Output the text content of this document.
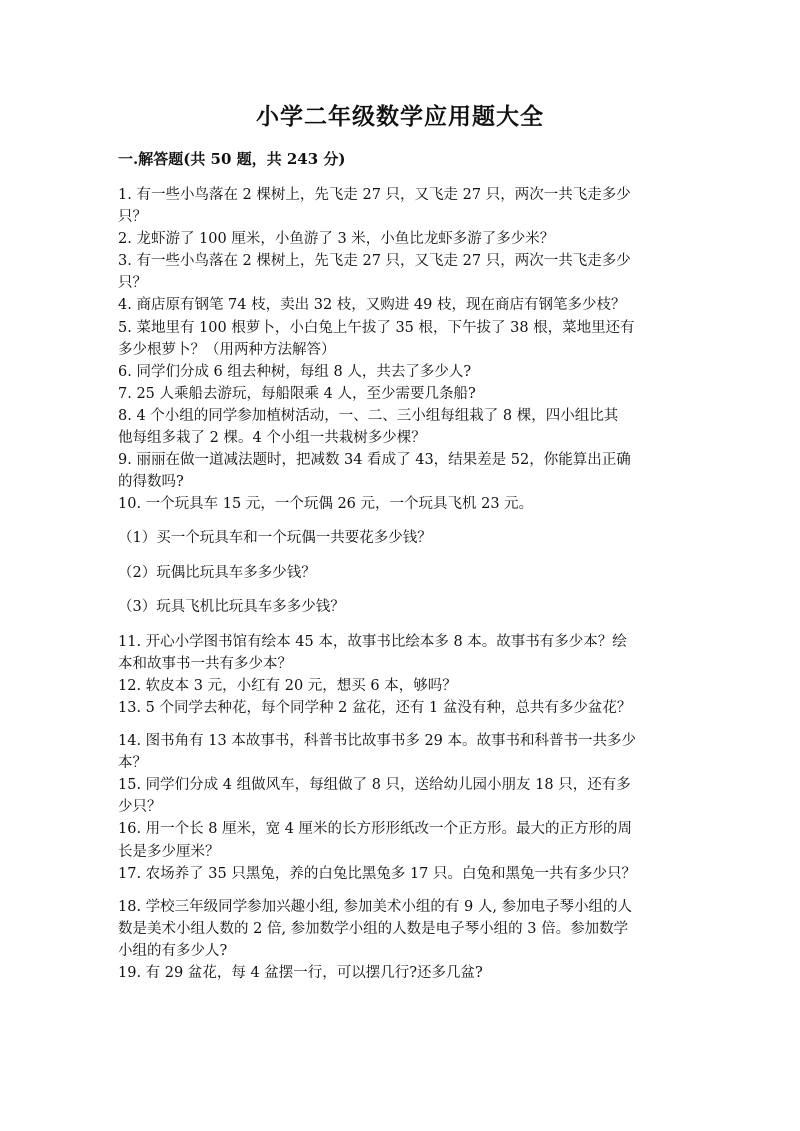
小学二年级数学应用题大全
一.解答题(共 50 题，共 243 分)
1. 有一些小鸟落在 2 棵树上，先飞走 27 只，又飞走 27 只，两次一共飞走多少
只？
2. 龙虾游了 100 厘米，小鱼游了 3 米，小鱼比龙虾多游了多少米？
3. 有一些小鸟落在 2 棵树上，先飞走 27 只，又飞走 27 只，两次一共飞走多少
只？
4. 商店原有钢笔 74 枝，卖出 32 枝，又购进 49 枝，现在商店有钢笔多少枝？
5. 菜地里有 100 根萝卜，小白兔上午拔了 35 根，下午拔了 38 根，菜地里还有
多少根萝卜？（用两种方法解答）
6. 同学们分成 6 组去种树，每组 8 人，共去了多少人?
7. 25 人乘船去游玩，每船限乘 4 人，至少需要几条船?
8. 4 个小组的同学参加植树活动，一、二、三小组每组栽了 8 棵，四小组比其
他每组多栽了 2 棵。4 个小组一共栽树多少棵？
9. 丽丽在做一道减法题时，把减数 34 看成了 43，结果差是 52，你能算出正确
的得数吗?
10. 一个玩具车 15 元，一个玩偶 26 元，一个玩具飞机 23 元。
（1）买一个玩具车和一个玩偶一共要花多少钱？
（2）玩偶比玩具车多多少钱？
（3）玩具飞机比玩具车多多少钱？
11. 开心小学图书馆有绘本 45 本，故事书比绘本多 8 本。故事书有多少本？绘
本和故事书一共有多少本？
12. 软皮本 3 元，小红有 20 元，想买 6 本，够吗？
13. 5 个同学去种花，每个同学种 2 盆花，还有 1 盆没有种，总共有多少盆花？
14. 图书角有 13 本故事书，科普书比故事书多 29 本。故事书和科普书一共多少
本？
15. 同学们分成 4 组做风车，每组做了 8 只，送给幼儿园小朋友 18 只，还有多
少只？
16. 用一个长 8 厘米，宽 4 厘米的长方形形纸改一个正方形。最大的正方形的周
长是多少厘米？
17. 农场养了 35 只黑兔，养的白兔比黑兔多 17 只。白兔和黑兔一共有多少只？
18. 学校三年级同学参加兴趣小组, 参加美术小组的有 9 人, 参加电子琴小组的人
数是美术小组人数的 2 倍, 参加数学小组的人数是电子琴小组的 3 倍。参加数学
小组的有多少人?
19. 有 29 盆花，每 4 盆摆一行，可以摆几行?还多几盆?
